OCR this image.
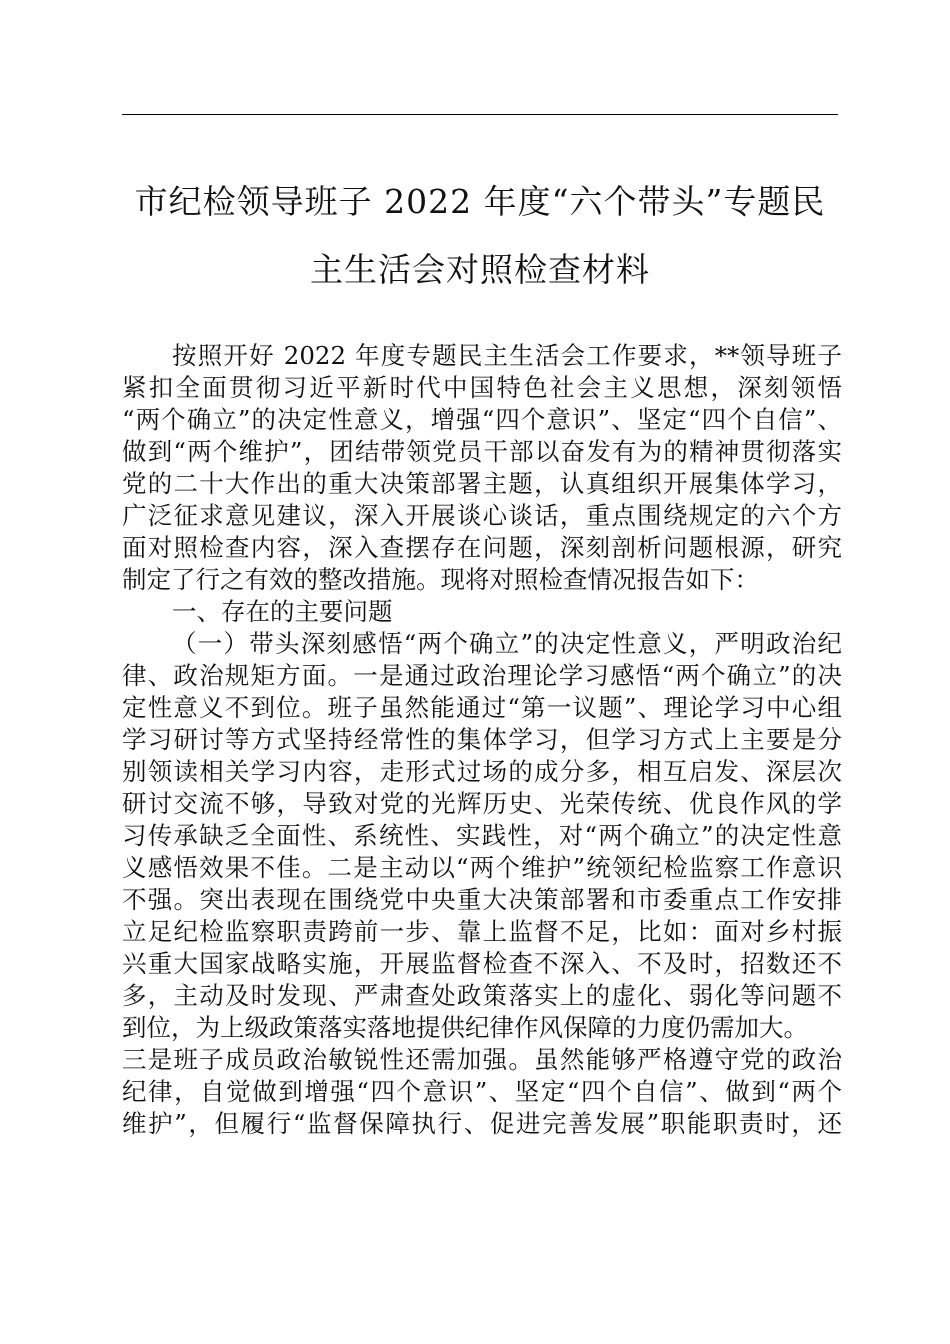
市纪检领导班子 2022 年度“六个带头”专题民
主生活会对照检查材料
按照开好 2022 年度专题民主生活会工作要求，**领导班子
紧扣全面贯彻习近平新时代中国特色社会主义思想，深刻领悟
“两个确立”的决定性意义，增强“四个意识”、坚定“四个自信”、
做到“两个维护”，团结带领党员干部以奋发有为的精神贯彻落实
党的二十大作出的重大决策部署主题，认真组织开展集体学习，
广泛征求意见建议，深入开展谈心谈话，重点围绕规定的六个方
面对照检查内容，深入查摆存在问题，深刻剖析问题根源，研究
制定了行之有效的整改措施。现将对照检查情况报告如下：
一、存在的主要问题
（一）带头深刻感悟“两个确立”的决定性意义，严明政治纪
律、政治规矩方面。一是通过政治理论学习感悟“两个确立”的决
定性意义不到位。班子虽然能通过“第一议题”、理论学习中心组
学习研讨等方式坚持经常性的集体学习，但学习方式上主要是分
别领读相关学习内容，走形式过场的成分多，相互启发、深层次
研讨交流不够，导致对党的光辉历史、光荣传统、优良作风的学
习传承缺乏全面性、系统性、实践性，对“两个确立”的决定性意
义感悟效果不佳。二是主动以“两个维护”统领纪检监察工作意识
不强。突出表现在围绕党中央重大决策部署和市委重点工作安排
立足纪检监察职责跨前一步、靠上监督不足，比如：面对乡村振
兴重大国家战略实施，开展监督检查不深入、不及时，招数还不
多，主动及时发现、严肃查处政策落实上的虚化、弱化等问题不
到位，为上级政策落实落地提供纪律作风保障的力度仍需加大。
三是班子成员政治敏锐性还需加强。虽然能够严格遵守党的政治
纪律，自觉做到增强“四个意识”、坚定“四个自信”、做到“两个
维护”，但履行“监督保障执行、促进完善发展”职能职责时，还
